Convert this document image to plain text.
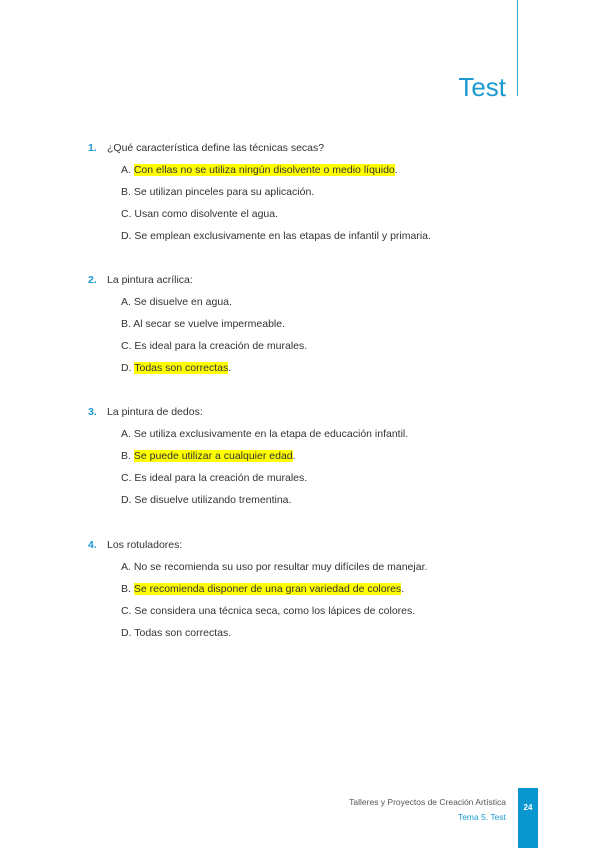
Test
1. ¿Qué característica define las técnicas secas?
A. Con ellas no se utiliza ningún disolvente o medio líquido.
B. Se utilizan pinceles para su aplicación.
C. Usan como disolvente el agua.
D. Se emplean exclusivamente en las etapas de infantil y primaria.
2. La pintura acrílica:
A. Se disuelve en agua.
B. Al secar se vuelve impermeable.
C. Es ideal para la creación de murales.
D. Todas son correctas.
3. La pintura de dedos:
A. Se utiliza exclusivamente en la etapa de educación infantil.
B. Se puede utilizar a cualquier edad.
C. Es ideal para la creación de murales.
D. Se disuelve utilizando trementina.
4. Los rotuladores:
A. No se recomienda su uso por resultar muy difíciles de manejar.
B. Se recomienda disponer de una gran variedad de colores.
C. Se considera una técnica seca, como los lápices de colores.
D. Todas son correctas.
Talleres y Proyectos de Creación Artística
Tema 5. Test
24
